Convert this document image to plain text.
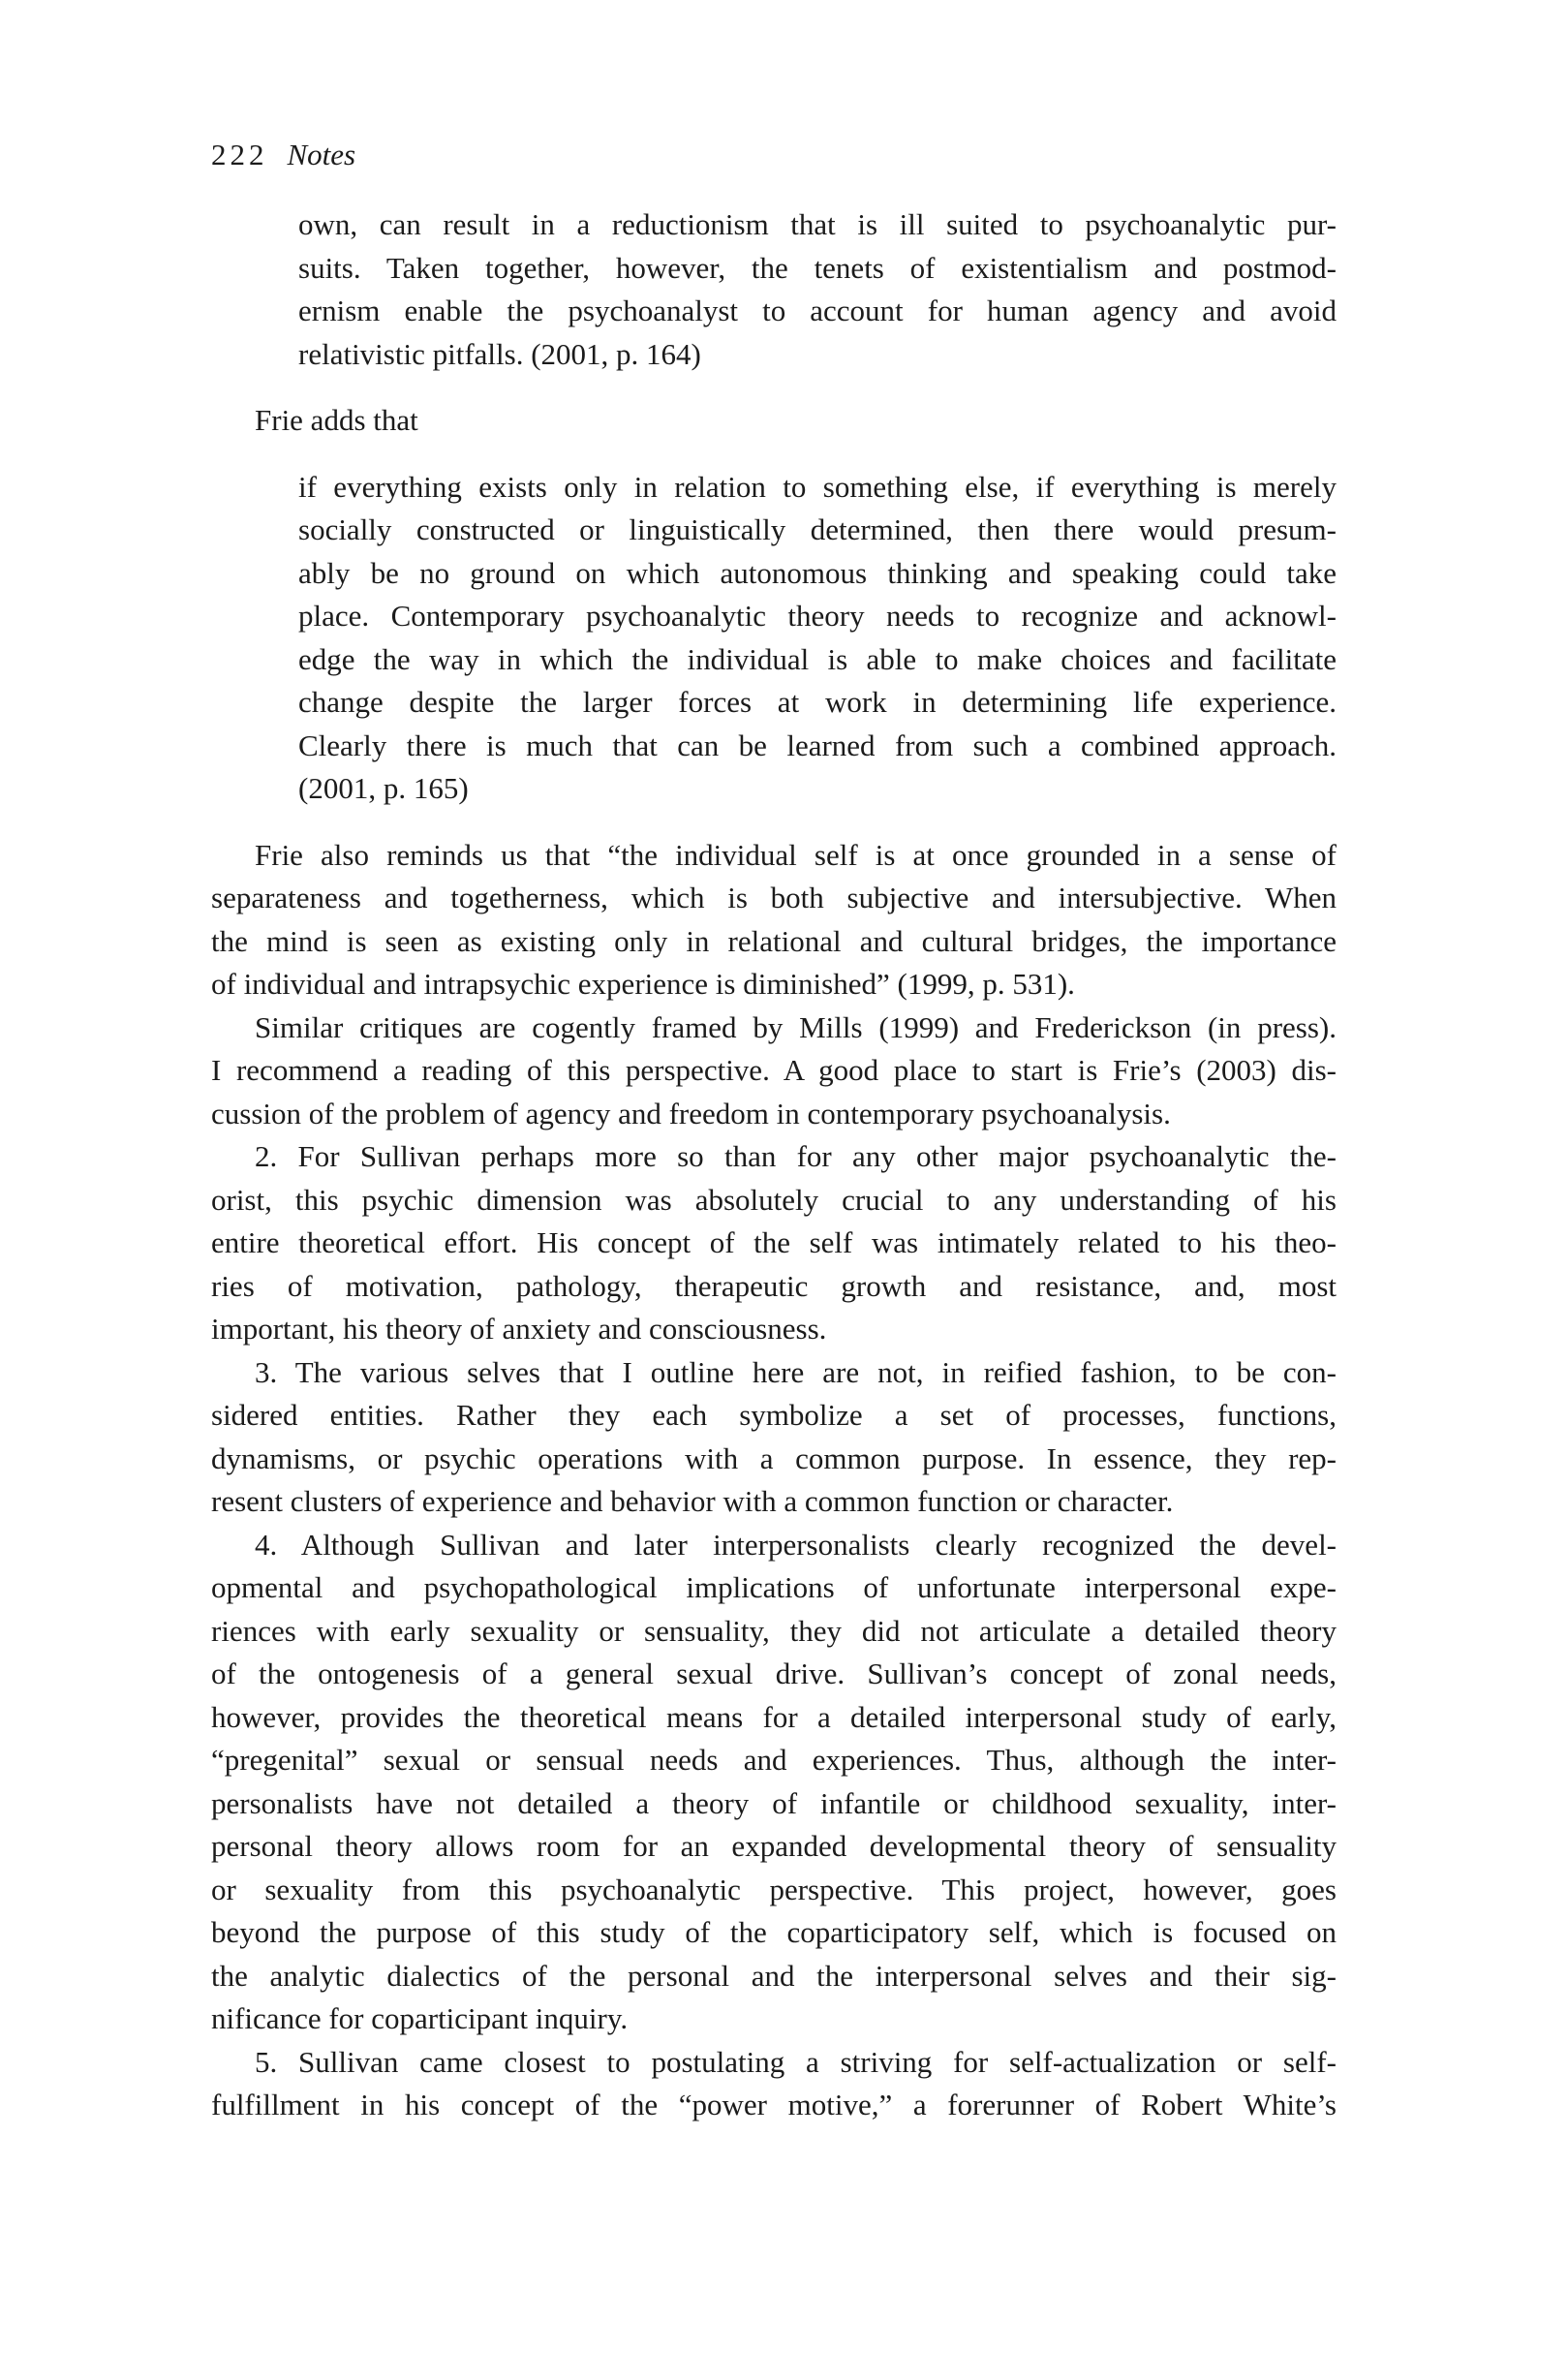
222 Notes
own, can result in a reductionism that is ill suited to psychoanalytic pur-
suits. Taken together, however, the tenets of existentialism and postmod-
ernism enable the psychoanalyst to account for human agency and avoid
relativistic pitfalls. (2001, p. 164)
Frie adds that
if everything exists only in relation to something else, if everything is merely
socially constructed or linguistically determined, then there would presum-
ably be no ground on which autonomous thinking and speaking could take
place. Contemporary psychoanalytic theory needs to recognize and acknowl-
edge the way in which the individual is able to make choices and facilitate
change despite the larger forces at work in determining life experience.
Clearly there is much that can be learned from such a combined approach.
(2001, p. 165)
Frie also reminds us that “the individual self is at once grounded in a sense of
separateness and togetherness, which is both subjective and intersubjective. When
the mind is seen as existing only in relational and cultural bridges, the importance
of individual and intrapsychic experience is diminished” (1999, p. 531).
Similar critiques are cogently framed by Mills (1999) and Frederickson (in press).
I recommend a reading of this perspective. A good place to start is Frie’s (2003) dis-
cussion of the problem of agency and freedom in contemporary psychoanalysis.
2. For Sullivan perhaps more so than for any other major psychoanalytic the-
orist, this psychic dimension was absolutely crucial to any understanding of his
entire theoretical effort. His concept of the self was intimately related to his theo-
ries of motivation, pathology, therapeutic growth and resistance, and, most
important, his theory of anxiety and consciousness.
3. The various selves that I outline here are not, in reified fashion, to be con-
sidered entities. Rather they each symbolize a set of processes, functions,
dynamisms, or psychic operations with a common purpose. In essence, they rep-
resent clusters of experience and behavior with a common function or character.
4. Although Sullivan and later interpersonalists clearly recognized the devel-
opmental and psychopathological implications of unfortunate interpersonal expe-
riences with early sexuality or sensuality, they did not articulate a detailed theory
of the ontogenesis of a general sexual drive. Sullivan’s concept of zonal needs,
however, provides the theoretical means for a detailed interpersonal study of early,
“pregenital” sexual or sensual needs and experiences. Thus, although the inter-
personalists have not detailed a theory of infantile or childhood sexuality, inter-
personal theory allows room for an expanded developmental theory of sensuality
or sexuality from this psychoanalytic perspective. This project, however, goes
beyond the purpose of this study of the coparticipatory self, which is focused on
the analytic dialectics of the personal and the interpersonal selves and their sig-
nificance for coparticipant inquiry.
5. Sullivan came closest to postulating a striving for self-actualization or self-
fulfillment in his concept of the “power motive,” a forerunner of Robert White’s
